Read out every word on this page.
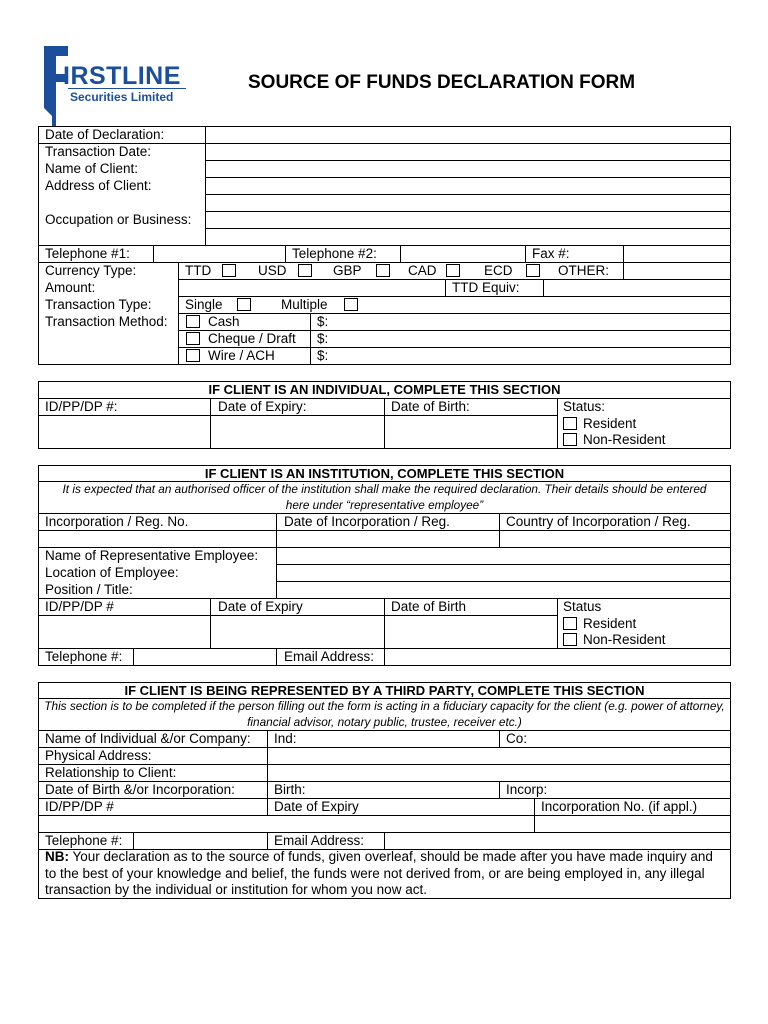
IRSTLINE
Securities Limited
SOURCE OF FUNDS DECLARATION FORM
Date of Declaration:
Transaction Date:
Name of Client:
Address of Client:
Occupation or Business:
Telephone #1:	Telephone #2:	Fax #:
Currency Type:	TTD	USD	GBP	CAD	ECD	OTHER:
Amount:	TTD Equiv:
Transaction Type: Single	Multiple
Transaction Method:	Cash	$:
Cheque / Draft $:
Wire / ACH	$:
IF CLIENT IS AN INDIVIDUAL, COMPLETE THIS SECTION
ID/PP/DP #:	Date of Expiry:	Date of Birth:	Status:
Resident
Non-Resident
IF CLIENT IS AN INSTITUTION, COMPLETE THIS SECTION
It is expected that an authorised officer of the institution shall make the required declaration. Their details should be entered here under “representative employee”
Incorporation / Reg. No.	Date of Incorporation / Reg.	Country of Incorporation / Reg.
Name of Representative Employee:
Location of Employee:
Position / Title:
ID/PP/DP #	Date of Expiry	Date of Birth	Status
Resident
Non-Resident
Telephone #:	Email Address:
IF CLIENT IS BEING REPRESENTED BY A THIRD PARTY, COMPLETE THIS SECTION
This section is to be completed if the person filling out the form is acting in a fiduciary capacity for the client (e.g. power of attorney, financial advisor, notary public, trustee, receiver etc.)
Name of Individual &/or Company: Ind:	Co:
Physical Address:
Relationship to Client:
Date of Birth &/or Incorporation:	Birth:	Incorp:
ID/PP/DP #	Date of Expiry	Incorporation No. (if appl.)
Telephone #:	Email Address:
NB: Your declaration as to the source of funds, given overleaf, should be made after you have made inquiry and to the best of your knowledge and belief, the funds were not derived from, or are being employed in, any illegal transaction by the individual or institution for whom you now act.
